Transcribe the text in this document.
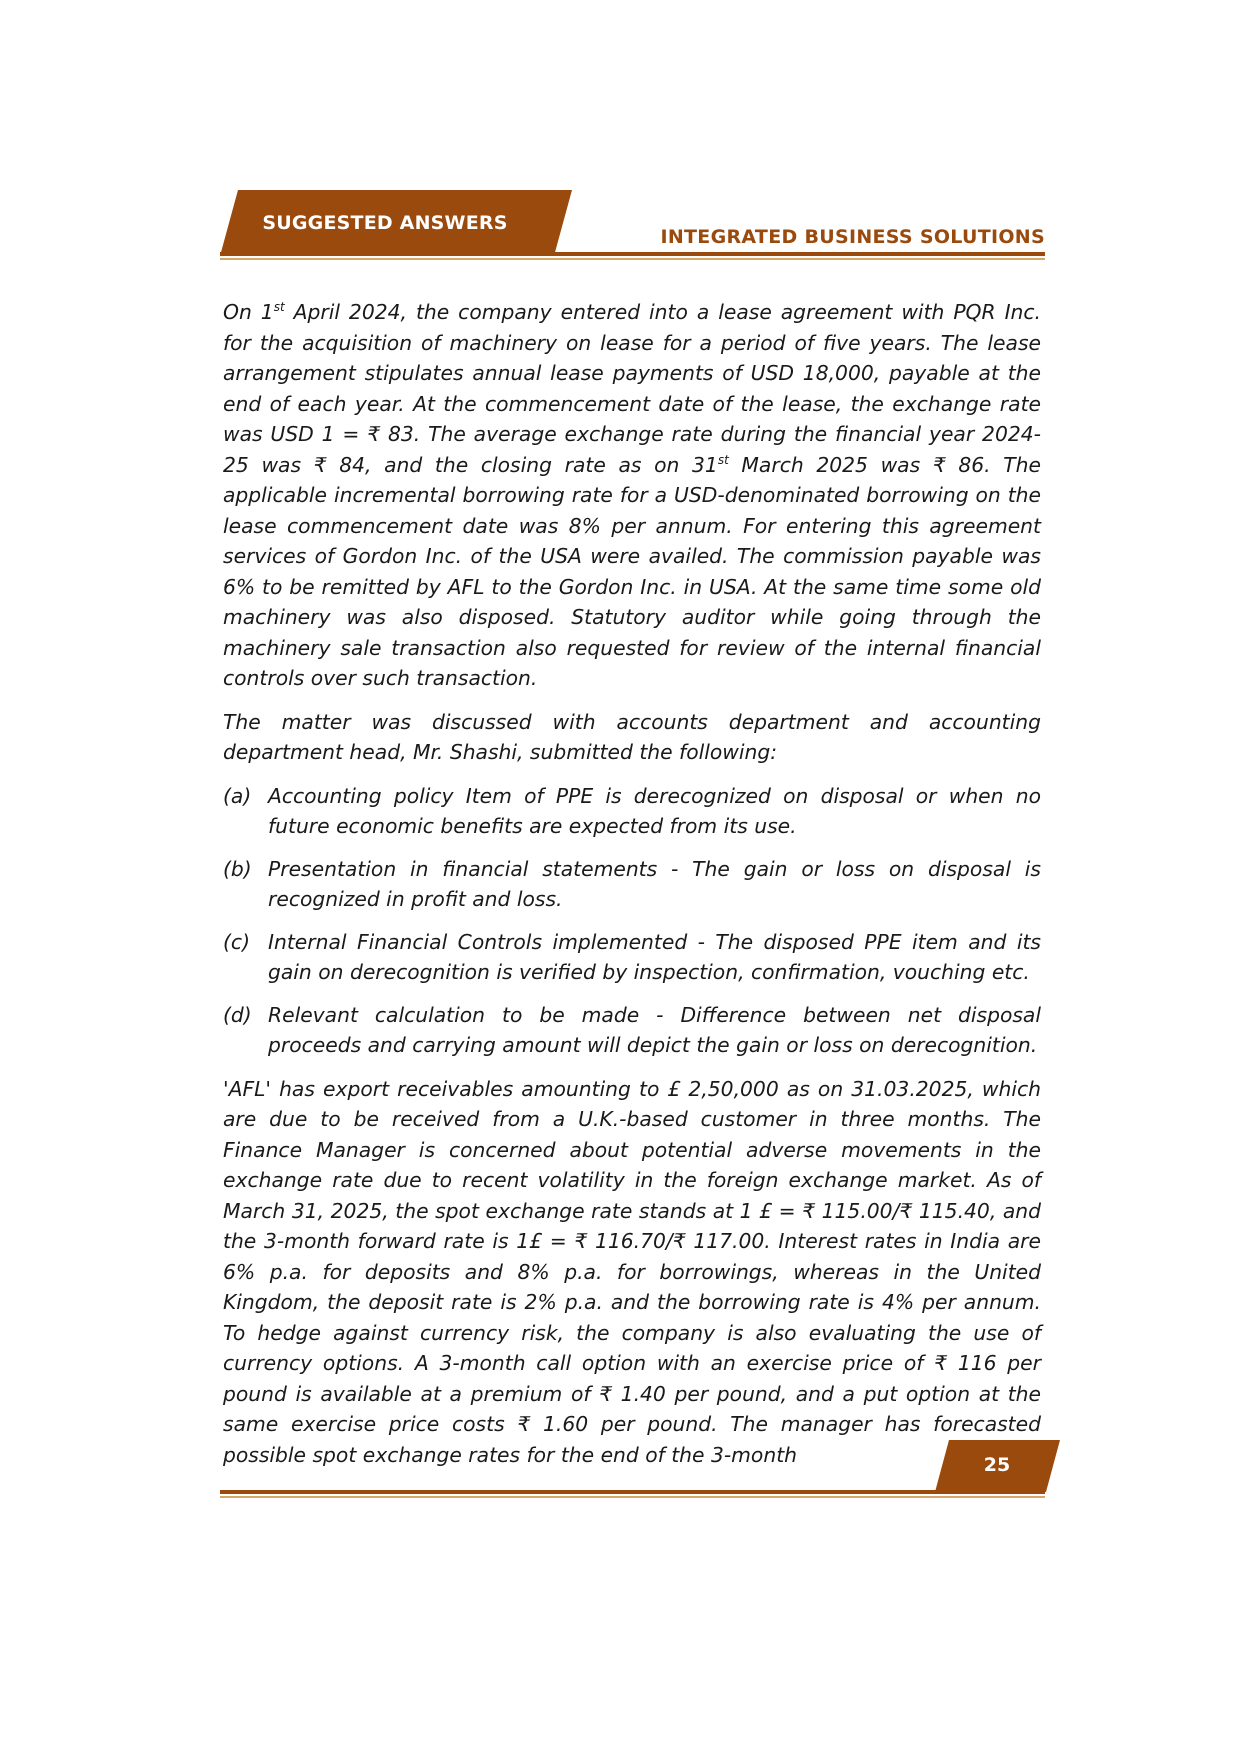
SUGGESTED ANSWERS
INTEGRATED BUSINESS SOLUTIONS

On 1st April 2024, the company entered into a lease agreement with PQR Inc. for the acquisition of machinery on lease for a period of five years. The lease arrangement stipulates annual lease payments of USD 18,000, payable at the end of each year. At the commencement date of the lease, the exchange rate was USD 1 = ₹ 83. The average exchange rate during the financial year 2024-25 was ₹ 84, and the closing rate as on 31st March 2025 was ₹ 86. The applicable incremental borrowing rate for a USD-denominated borrowing on the lease commencement date was 8% per annum. For entering this agreement services of Gordon Inc. of the USA were availed. The commission payable was 6% to be remitted by AFL to the Gordon Inc. in USA. At the same time some old machinery was also disposed. Statutory auditor while going through the machinery sale transaction also requested for review of the internal financial controls over such transaction.

The matter was discussed with accounts department and accounting department head, Mr. Shashi, submitted the following:

(a) Accounting policy Item of PPE is derecognized on disposal or when no future economic benefits are expected from its use.
(b) Presentation in financial statements - The gain or loss on disposal is recognized in profit and loss.
(c) Internal Financial Controls implemented - The disposed PPE item and its gain on derecognition is verified by inspection, confirmation, vouching etc.
(d) Relevant calculation to be made - Difference between net disposal proceeds and carrying amount will depict the gain or loss on derecognition.

'AFL' has export receivables amounting to £ 2,50,000 as on 31.03.2025, which are due to be received from a U.K.-based customer in three months. The Finance Manager is concerned about potential adverse movements in the exchange rate due to recent volatility in the foreign exchange market. As of March 31, 2025, the spot exchange rate stands at 1 £ = ₹ 115.00/₹ 115.40, and the 3-month forward rate is 1£ = ₹ 116.70/₹ 117.00. Interest rates in India are 6% p.a. for deposits and 8% p.a. for borrowings, whereas in the United Kingdom, the deposit rate is 2% p.a. and the borrowing rate is 4% per annum. To hedge against currency risk, the company is also evaluating the use of currency options. A 3-month call option with an exercise price of ₹ 116 per pound is available at a premium of ₹ 1.40 per pound, and a put option at the same exercise price costs ₹ 1.60 per pound. The manager has forecasted possible spot exchange rates for the end of the 3-month	25
